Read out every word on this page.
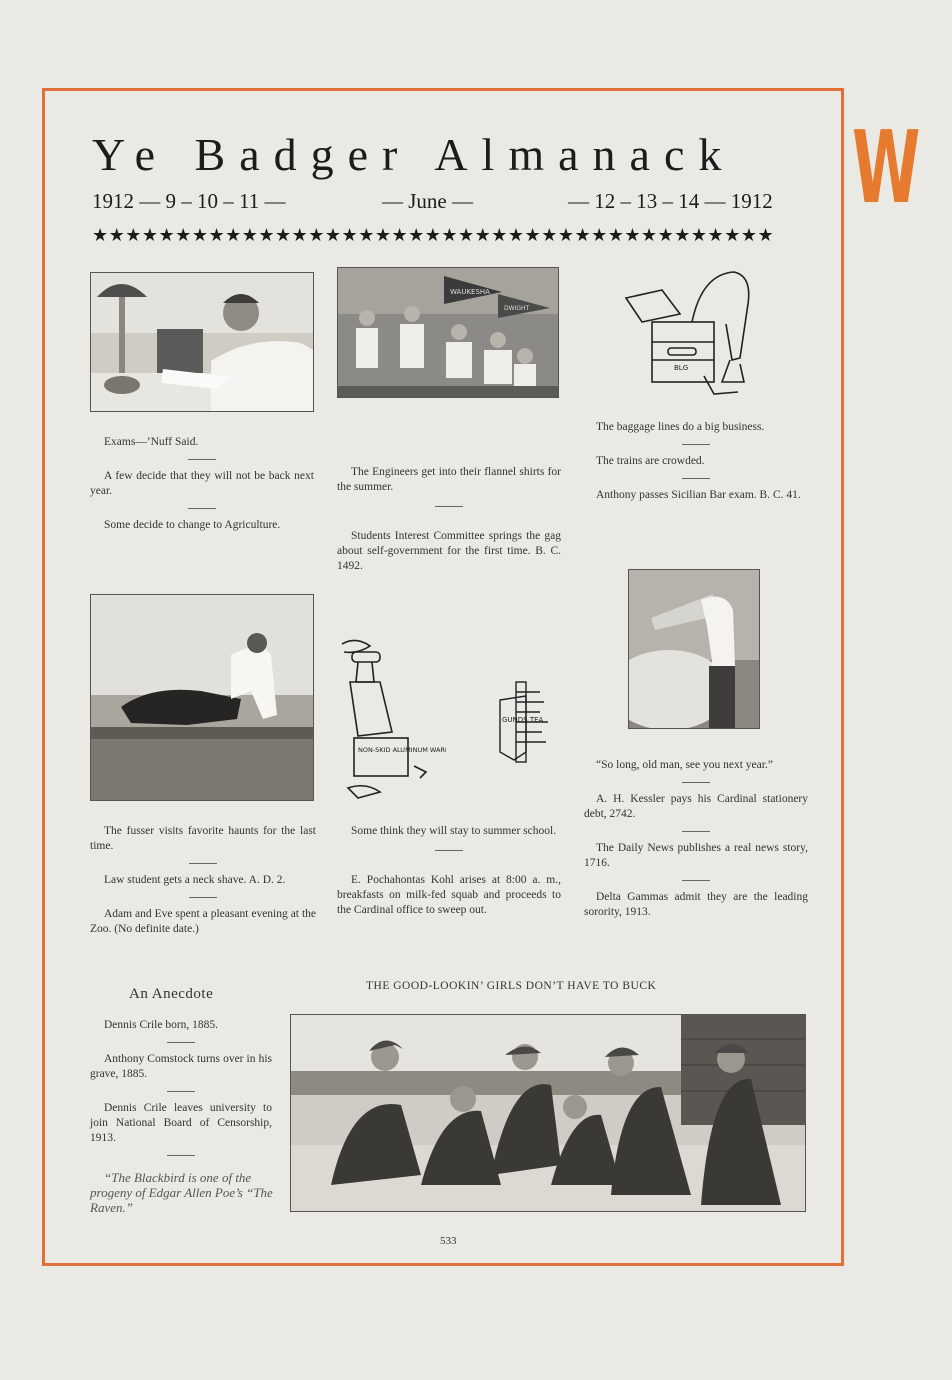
W
Ye Badger Almanack
1912 — 9 – 10 – 11 —	— June —	— 12 – 13 – 14 — 1912
★★★★★★★★★★★★★★★★★★★★★★★★★★★★★★★★★★★★★★★★★
WAUKESHA
DWIGHT
BLG

Exams—’Nuff Said.

A few decide that they will not be back next year.

Some decide to change to Agriculture.

The Engineers get into their flannel shirts for the summer.

Students Interest Committee springs the gag about self-government for the first time. B. C. 1492.

The baggage lines do a big business.

The trains are crowded.

Anthony passes Sicilian Bar exam. B. C. 41.

NON-SKID ALUMINUM WARE
GUNDS TEA

The fusser visits favorite haunts for the last time.

Law student gets a neck shave. A. D. 2.

Adam and Eve spent a pleasant evening at the Zoo. (No definite date.)

Some think they will stay to summer school.

E. Pochahontas Kohl arises at 8:00 a. m., breakfasts on milk-fed squab and proceeds to the Cardinal office to sweep out.

“So long, old man, see you next year.”

A. H. Kessler pays his Cardinal stationery debt, 2742.

The Daily News publishes a real news story, 1716.

Delta Gammas admit they are the leading sorority, 1913.

An Anecdote

Dennis Crile born, 1885.

Anthony Comstock turns over in his grave, 1885.

Dennis Crile leaves university to join National Board of Censorship, 1913.

“The Blackbird is one of the progeny of Edgar Allen Poe’s “The Raven.”
THE GOOD-LOOKIN’ GIRLS DON’T HAVE TO BUCK
533
